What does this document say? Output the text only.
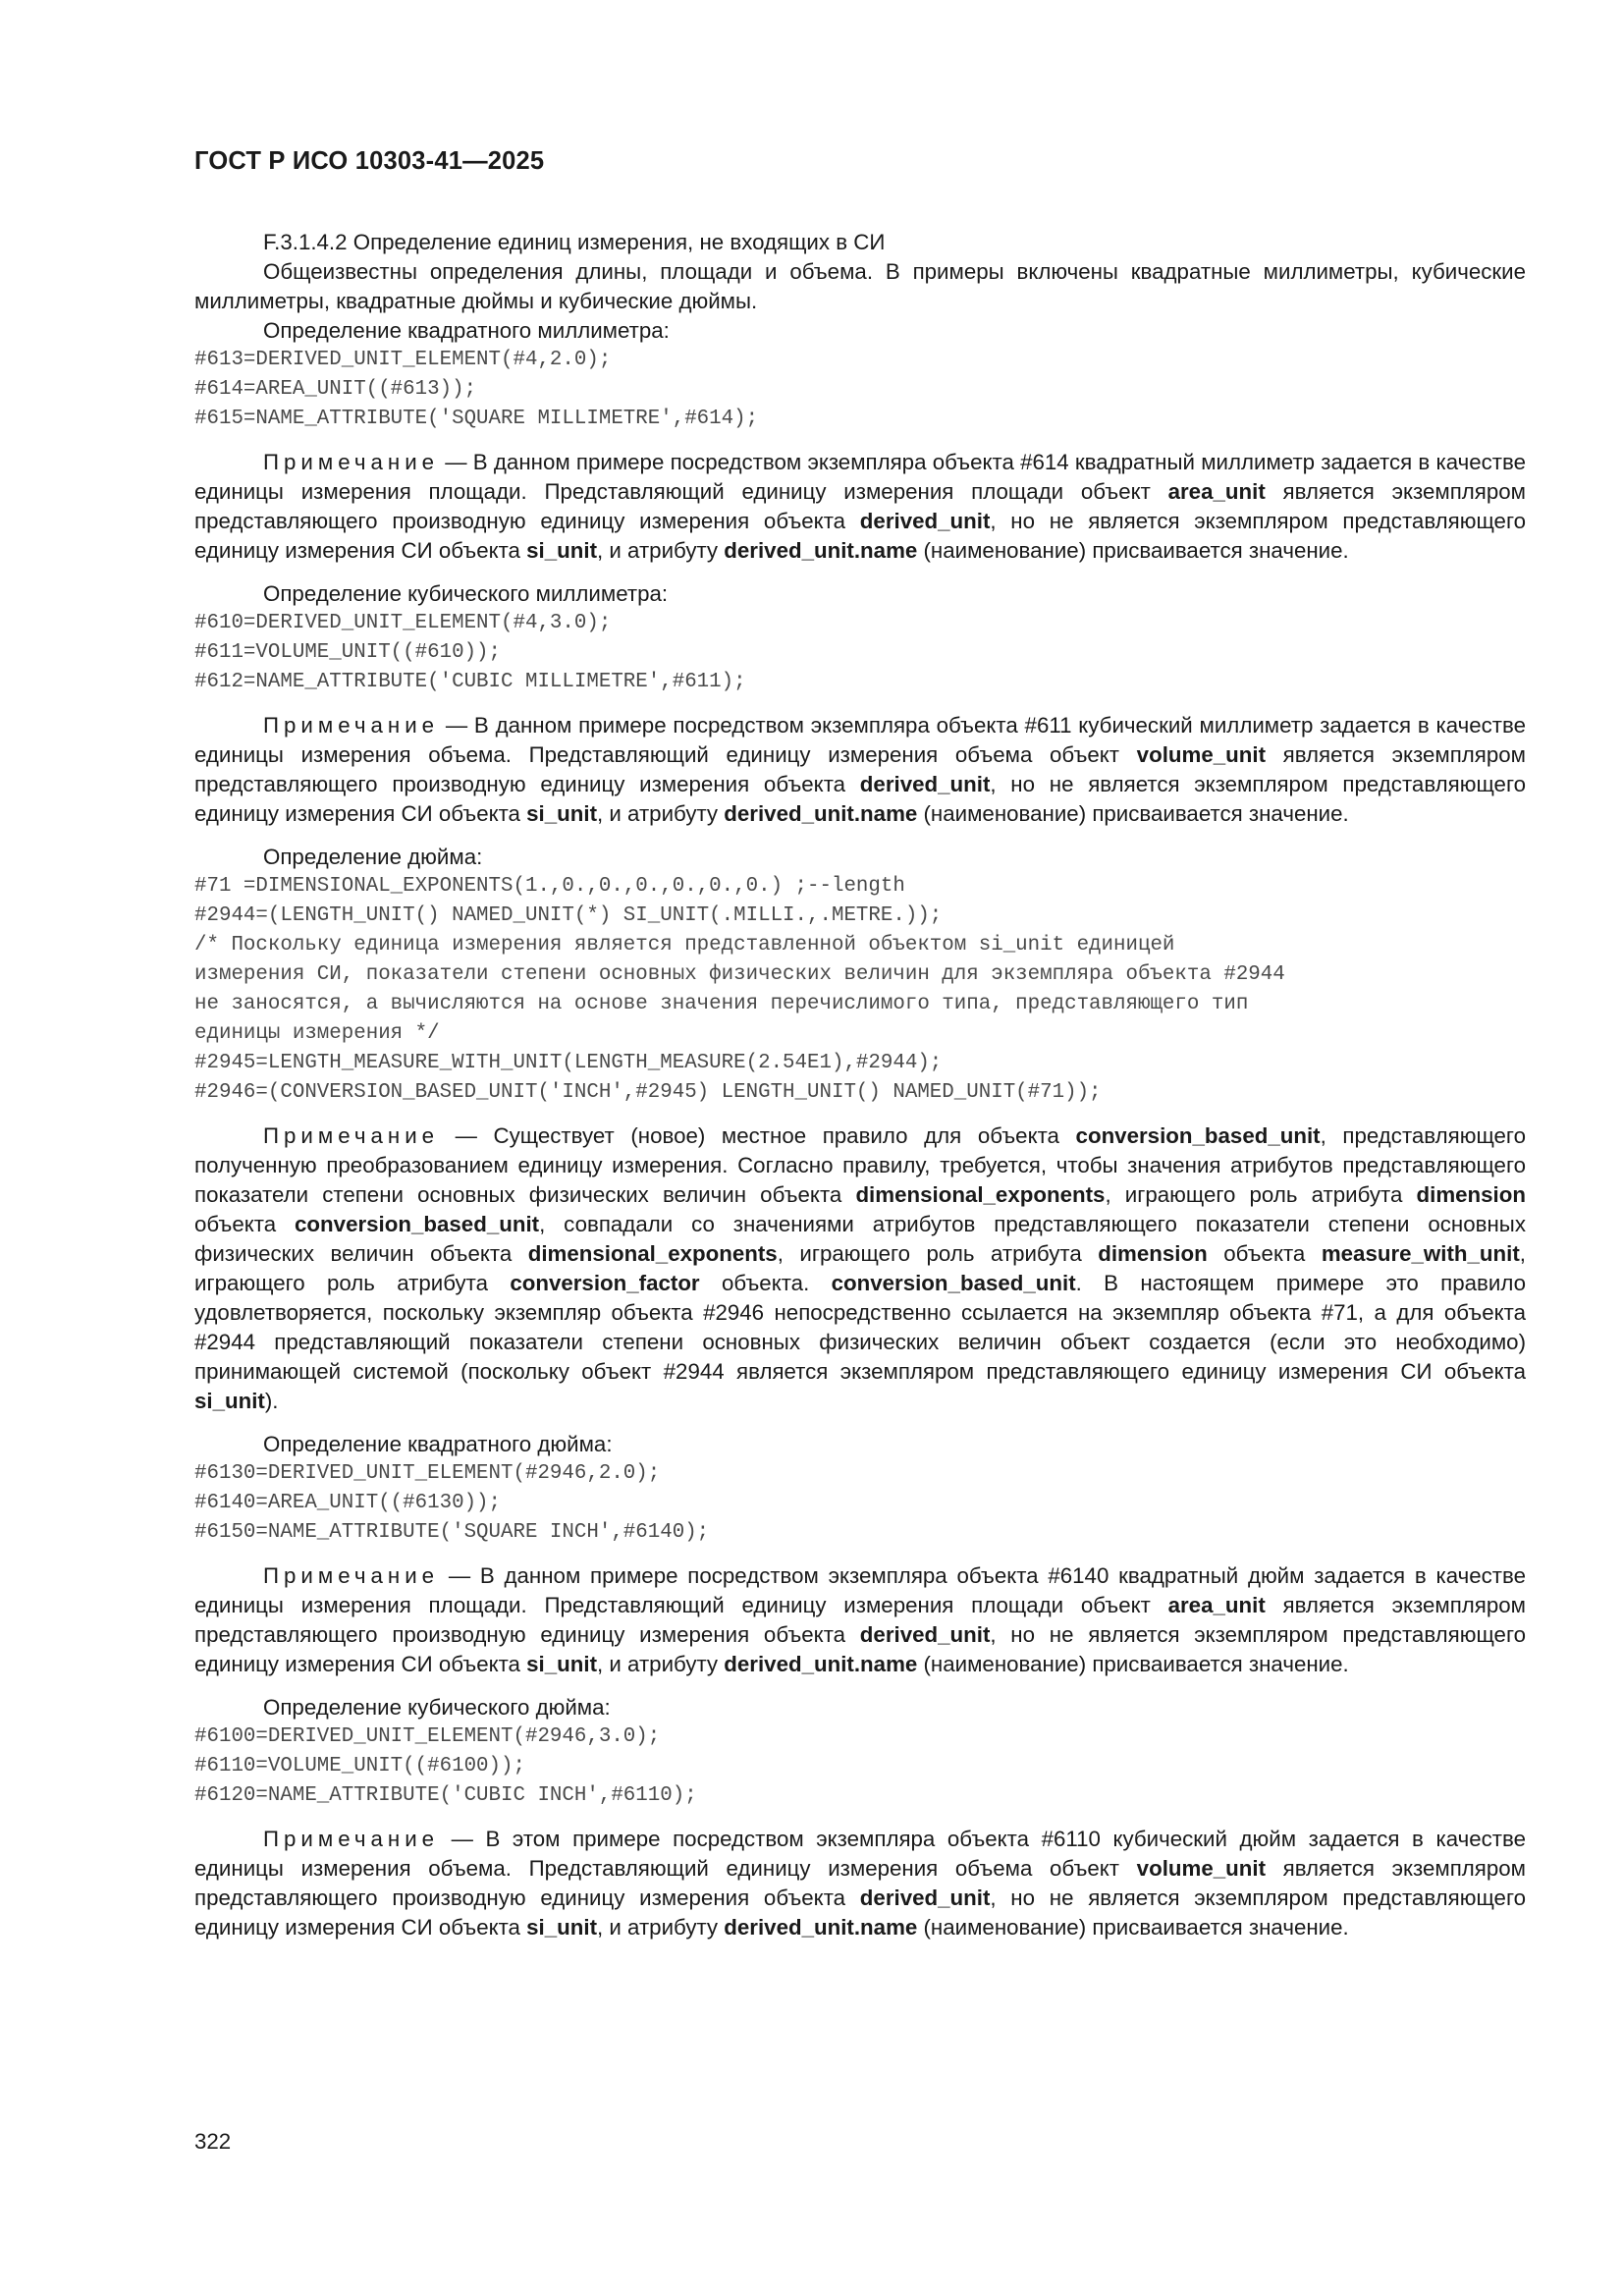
ГОСТ Р ИСО 10303-41—2025

F.3.1.4.2 Определение единиц измерения, не входящих в СИ

Общеизвестны определения длины, площади и объема. В примеры включены квадратные миллиметры, кубические миллиметры, квадратные дюймы и кубические дюймы.

Определение квадратного миллиметра:

#613=DERIVED_UNIT_ELEMENT(#4,2.0);

#614=AREA_UNIT((#613));

#615=NAME_ATTRIBUTE('SQUARE MILLIMETRE',#614);

Примечание — В данном примере посредством экземпляра объекта #614 квадратный миллиметр задается в качестве единицы измерения площади. Представляющий единицу измерения площади объект area_unit является экземпляром представляющего производную единицу измерения объекта derived_unit, но не является экземпляром представляющего единицу измерения СИ объекта si_unit, и атрибуту derived_unit.name (наименование) присваивается значение.

Определение кубического миллиметра:

#610=DERIVED_UNIT_ELEMENT(#4,3.0);

#611=VOLUME_UNIT((#610));

#612=NAME_ATTRIBUTE('CUBIC MILLIMETRE',#611);

Примечание — В данном примере посредством экземпляра объекта #611 кубический миллиметр задается в качестве единицы измерения объема. Представляющий единицу измерения объема объект volume_unit является экземпляром представляющего производную единицу измерения объекта derived_unit, но не является экземпляром представляющего единицу измерения СИ объекта si_unit, и атрибуту derived_unit.name (наименование) присваивается значение.

Определение дюйма:

#71 =DIMENSIONAL_EXPONENTS(1.,0.,0.,0.,0.,0.,0.) ;--length

#2944=(LENGTH_UNIT() NAMED_UNIT(*) SI_UNIT(.MILLI.,.METRE.));

/* Поскольку единица измерения является представленной объектом si_unit единицей

измерения СИ, показатели степени основных физических величин для экземпляра объекта #2944

не заносятся, а вычисляются на основе значения перечислимого типа, представляющего тип

единицы измерения */

#2945=LENGTH_MEASURE_WITH_UNIT(LENGTH_MEASURE(2.54E1),#2944);

#2946=(CONVERSION_BASED_UNIT('INCH',#2945) LENGTH_UNIT() NAMED_UNIT(#71));

Примечание — Существует (новое) местное правило для объекта conversion_based_unit, представляющего полученную преобразованием единицу измерения. Согласно правилу, требуется, чтобы значения атрибутов представляющего показатели степени основных физических величин объекта dimensional_exponents, играющего роль атрибута dimension объекта conversion_based_unit, совпадали со значениями атрибутов представляющего показатели степени основных физических величин объекта dimensional_exponents, играющего роль атрибута dimension объекта measure_with_unit, играющего роль атрибута conversion_factor объекта. conversion_based_unit. В настоящем примере это правило удовлетворяется, поскольку экземпляр объекта #2946 непосредственно ссылается на экземпляр объекта #71, а для объекта #2944 представляющий показатели степени основных физических величин объект создается (если это необходимо) принимающей системой (поскольку объект #2944 является экземпляром представляющего единицу измерения СИ объекта si_unit).

Определение квадратного дюйма:

#6130=DERIVED_UNIT_ELEMENT(#2946,2.0);

#6140=AREA_UNIT((#6130));

#6150=NAME_ATTRIBUTE('SQUARE INCH',#6140);

Примечание — В данном примере посредством экземпляра объекта #6140 квадратный дюйм задается в качестве единицы измерения площади. Представляющий единицу измерения площади объект area_unit является экземпляром представляющего производную единицу измерения объекта derived_unit, но не является экземпляром представляющего единицу измерения СИ объекта si_unit, и атрибуту derived_unit.name (наименование) присваивается значение.

Определение кубического дюйма:

#6100=DERIVED_UNIT_ELEMENT(#2946,3.0);

#6110=VOLUME_UNIT((#6100));

#6120=NAME_ATTRIBUTE('CUBIC INCH',#6110);

Примечание — В этом примере посредством экземпляра объекта #6110 кубический дюйм задается в качестве единицы измерения объема. Представляющий единицу измерения объема объект volume_unit является экземпляром представляющего производную единицу измерения объекта derived_unit, но не является экземпляром представляющего единицу измерения СИ объекта si_unit, и атрибуту derived_unit.name (наименование) присваивается значение.

322
